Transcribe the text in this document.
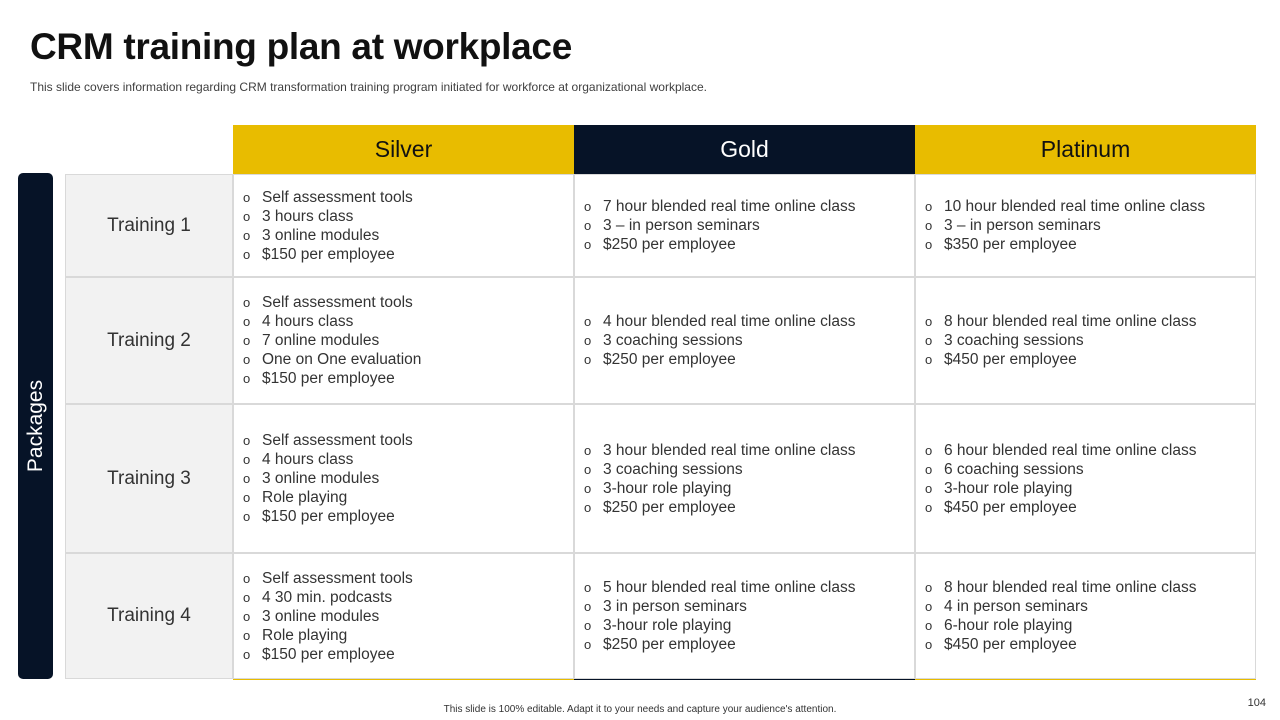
CRM training plan at workplace
This slide covers information regarding CRM transformation training program initiated for workforce at organizational workplace.
Packages
Silver	Gold	Platinum
Training 1
o Self assessment tools
o 3 hours class
o 3 online modules
o $150 per employee
o 7 hour blended real time online class
o 3 – in person seminars
o $250 per employee
o 10 hour blended real time online class
o 3 – in person seminars
o $350 per employee
Training 2
o Self assessment tools
o 4 hours class
o 7 online modules
o One on One evaluation
o $150 per employee
o 4 hour blended real time online class
o 3 coaching sessions
o $250 per employee
o 8 hour blended real time online class
o 3 coaching sessions
o $450 per employee
Training 3
o Self assessment tools
o 4 hours class
o 3 online modules
o Role playing
o $150 per employee
o 3 hour blended real time online class
o 3 coaching sessions
o 3-hour role playing
o $250 per employee
o 6 hour blended real time online class
o 6 coaching sessions
o 3-hour role playing
o $450 per employee
Training 4
o Self assessment tools
o 4 30 min. podcasts
o 3 online modules
o Role playing
o $150 per employee
o 5 hour blended real time online class
o 3 in person seminars
o 3-hour role playing
o $250 per employee
o 8 hour blended real time online class
o 4 in person seminars
o 6-hour role playing
o $450 per employee
This slide is 100% editable. Adapt it to your needs and capture your audience's attention.
104
